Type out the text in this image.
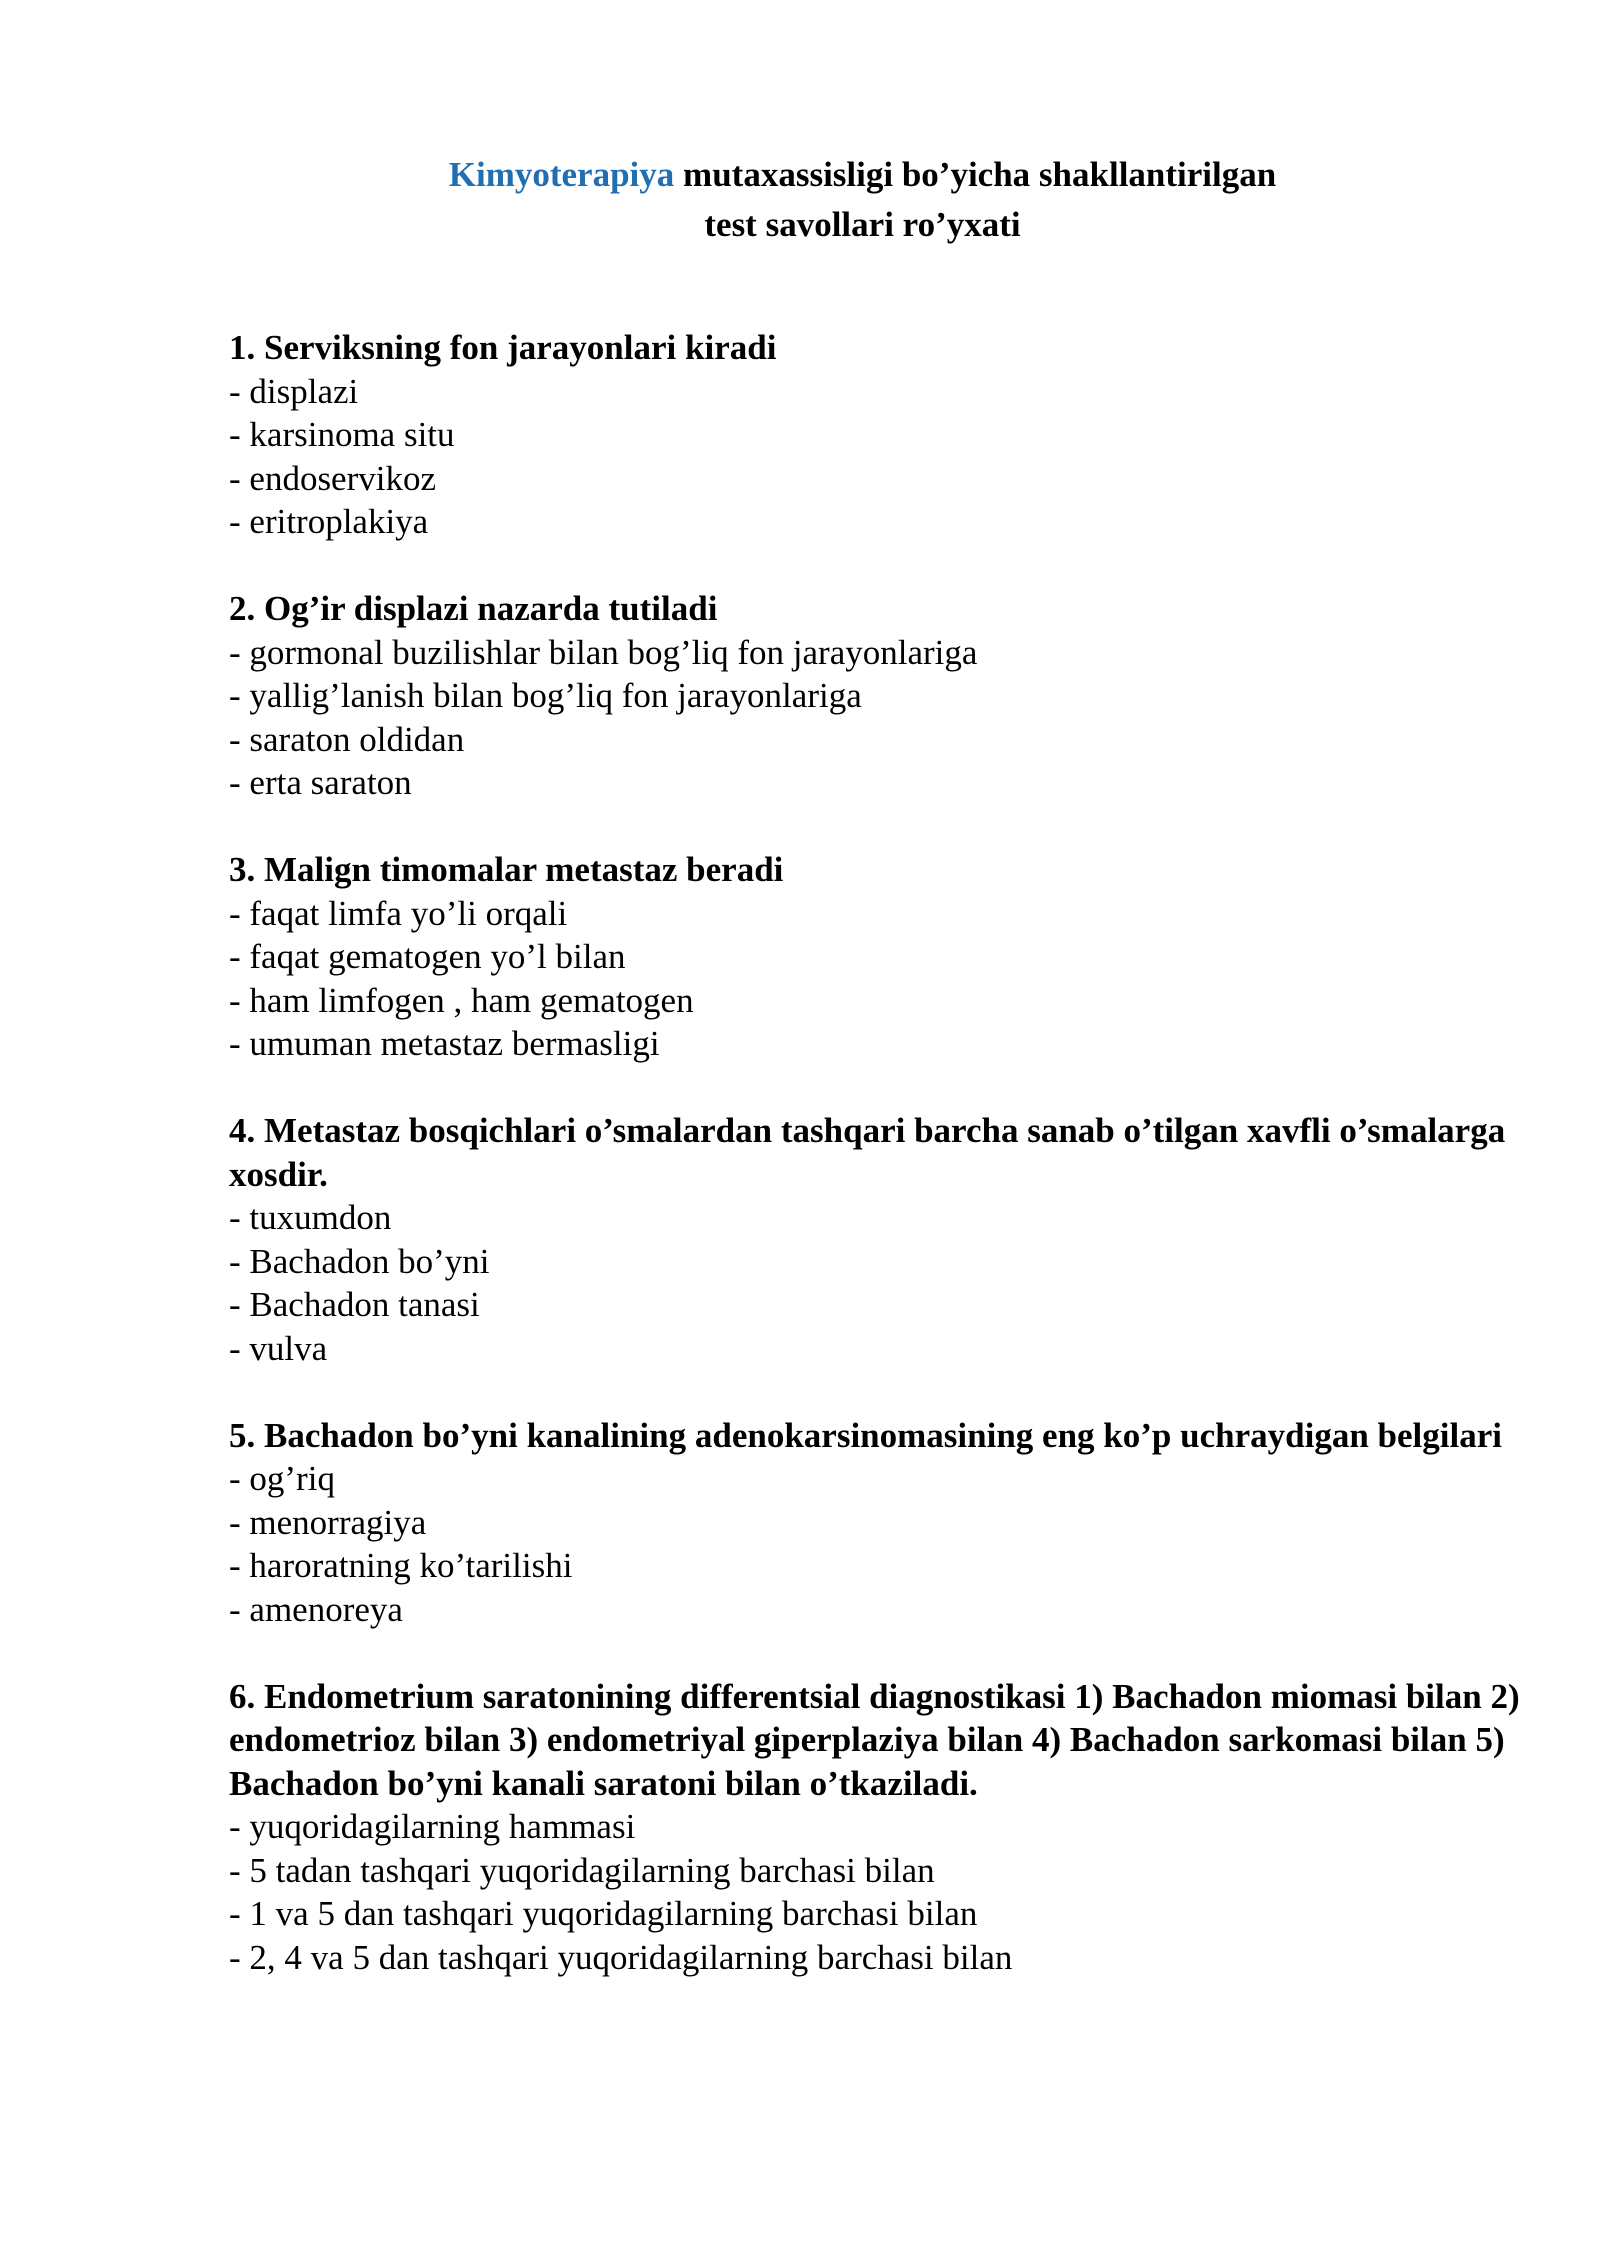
Kimyoterapiya mutaxassisligi bo’yicha shakllantirilgan
test savollari ro’yxati
1. Serviksning fon jarayonlari kiradi
- displazi
- karsinoma situ
- endoservikoz
- eritroplakiya
2. Og’ir displazi nazarda tutiladi
- gormonal buzilishlar bilan bog’liq fon jarayonlariga
- yallig’lanish bilan bog’liq fon jarayonlariga
- saraton oldidan
- erta saraton
3. Malign timomalar metastaz beradi
- faqat limfa yo’li orqali
- faqat gematogen yo’l bilan
- ham limfogen , ham gematogen
- umuman metastaz bermasligi
4. Metastaz bosqichlari o’smalardan tashqari barcha sanab o’tilgan xavfli o’smalarga xosdir.
- tuxumdon
- Bachadon bo’yni
- Bachadon tanasi
- vulva
5. Bachadon bo’yni kanalining adenokarsinomasining eng ko’p uchraydigan belgilari
- og’riq
- menorragiya
- haroratning ko’tarilishi
- amenoreya
6. Endometrium saratonining differentsial diagnostikasi 1) Bachadon miomasi bilan 2) endometrioz bilan 3) endometriyal giperplaziya bilan 4) Bachadon sarkomasi bilan 5) Bachadon bo’yni kanali saratoni bilan o’tkaziladi.
- yuqoridagilarning hammasi
- 5 tadan tashqari yuqoridagilarning barchasi bilan
- 1 va 5 dan tashqari yuqoridagilarning barchasi bilan
- 2, 4 va 5 dan tashqari yuqoridagilarning barchasi bilan
